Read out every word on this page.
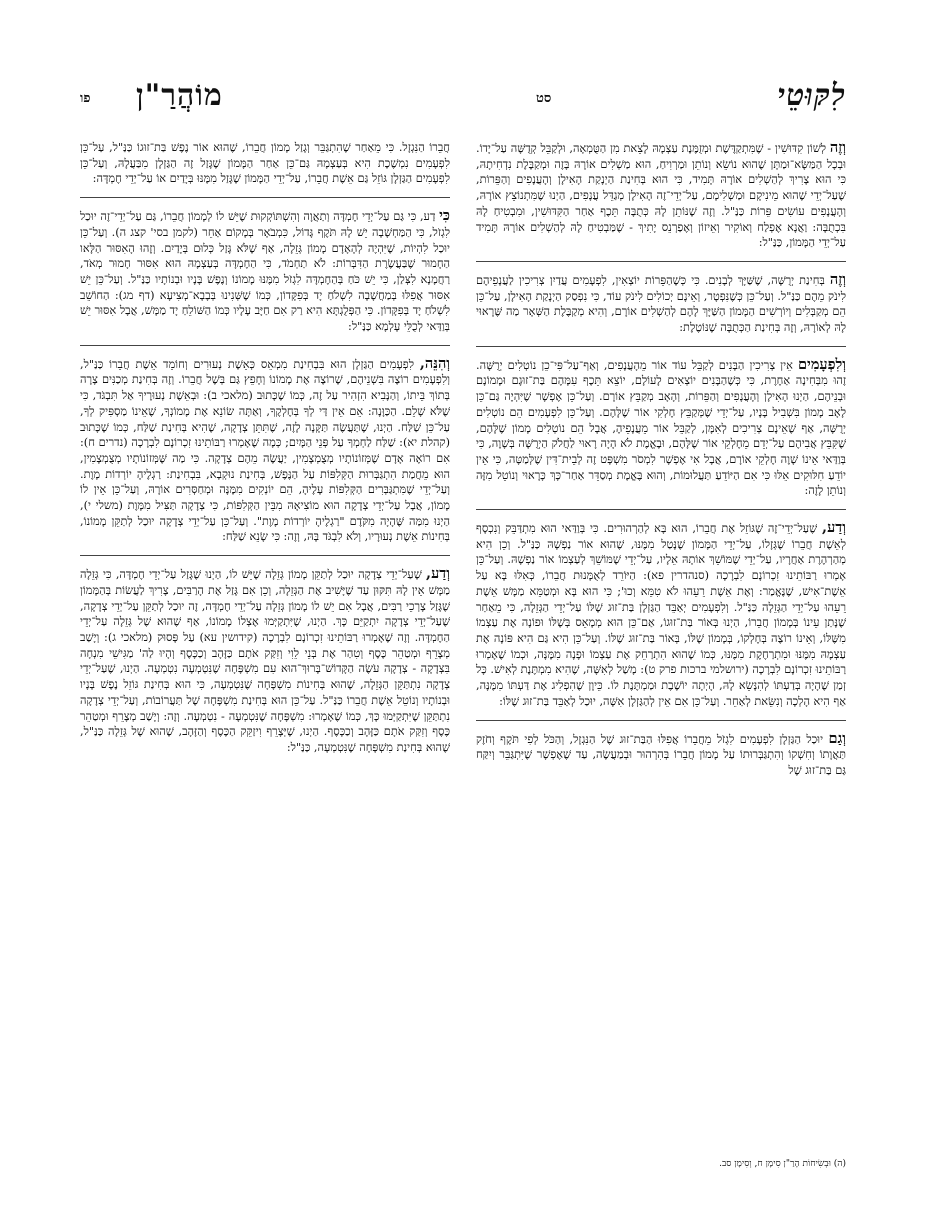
לִקּוּטֵי
סט
מוֹהֲרַ"ן
פו

וְזֶה לְשׁוֹן קִדּוּשִׁין - שֶׁמִּתְקַדֶּשֶׁת וּמְזֻמֶּנֶת עַצְמָהּ לָצֵאת מִן הַטֻּמְאָה, וּלְקַבֵּל קְדֻשָּׁה עַל־יָדוֹ. וּבְכָל הַמַּשָּׂא־וּמַתָּן שֶׁהוּא נוֹשֵׂא וְנוֹתֵן וּמַרְוִיחַ, הוּא מַשְׁלִים אוֹרָהּ בָּזֶה וּמְקַבֶּלֶת נִדְחִיתָהּ, כִּי הוּא צָרִיךְ לְהַשְׁלִים אוֹרָהּ תָּמִיד, כִּי הוּא בְּחִינַת הַיְנָקַת הָאִילָן וְהָעֲנָפִים וְהַפֵּרוֹת, שֶׁעַל־יְדֵי שֶׁהוּא מֵינִיקָם וּמַשְׁלִימָם, עַל־יְדֵי־זֶה הָאִילָן מְגַדֵּל עֲנָפִים, הַיְנוּ שֶׁמִּתְנוֹצֵץ אוֹרָהּ, וְהָעֲנָפִים עוֹשִׂים פֵּרוֹת כַּנַּ"ל. וְזֶה שֶׁנּוֹתֵן לָהּ כְּתֻבָּה תֵּכֶף אַחַר הַקִּדּוּשִׁין, וּמִבְטִיחַ לָהּ בִּכְתֻבָּה: וַאֲנָא אֶפְלַח וְאוֹקִיר וְאֵיזוֹן וְאֶפַרְנֵס יָתִיךְ - שֶׁמַּבְטִיחַ לָהּ לְהַשְׁלִים אוֹרָהּ תָּמִיד עַל־יְדֵי הַמָּמוֹן, כַּנַּ"ל:

וְזֶה בְּחִינַת יְרֻשָּׁה, שֶׁשַּׁיָּךְ לְבָנִים. כִּי כְּשֶׁהַפֵּרוֹת יוֹצְאִין, לִפְעָמִים עֲדַיִן צְרִיכִין לַעֲנָפֵיהֶם לִינֹק מֵהֶם כַּנַּ"ל. וְעַל־כֵּן כְּשֶׁנִּפְטָר, וְאֵינָם יְכוֹלִים לִינֹק עוֹד, כִּי נִפְסַק הַיְנָקַת הָאִילָן, עַל־כֵּן הֵם מְקַבְּלִים וְיוֹרְשִׁים הַמָּמוֹן הַשַּׁיָּךְ לָהֶם לְהַשְׁלִים אוֹרָם, וְהִיא מְקַבֶּלֶת הַשְּׁאָר מַה שֶּׁרָאוּי לָהּ לְאוֹרָהּ, וְזֶה בְּחִינַת הַכְּתֻבָּה שֶׁנּוֹטֶלֶת:

וְלִפְעָמִים אֵין צְרִיכִין הַבָּנִים לְקַבֵּל עוֹד אוֹר מֵהָעֲנָפִים, וְאַף־עַל־פִּי־כֵן נוֹטְלִים יְרֻשָּׁה. זֶהוּ מִבְּחִינָה אַחֶרֶת, כִּי כְּשֶׁהַבָּנִים יוֹצְאִים לָעוֹלָם, יוֹצֵא תֵּכֶף עִמָּהֶם בַּת־זוּגָם וּמָמוֹנָם וּבְנֵיהֶם, הַיְנוּ הָאִילָן וְהָעֲנָפִים וְהַפֵּרוֹת, וְהָאָב מְקַבֵּץ אוֹרָם. וְעַל־כֵּן אֶפְשָׁר שֶׁיִּהְיֶה גַּם־כֵּן לָאָב מָמוֹן בִּשְׁבִיל בָּנָיו, עַל־יְדֵי שֶׁמְּקַבֵּץ חֶלְקִי אוֹר שֶׁלָּהֶם. וְעַל־כֵּן לִפְעָמִים הֵם נוֹטְלִים יְרֻשָּׁה, אַף שֶׁאֵינָם צְרִיכִים לְאִמָּן, לְקַבֵּל אוֹר מֵעֲנָפֵיהֶ, אֲבָל הֵם נוֹטְלִים מָמוֹן שֶׁלָּהֶם, שֶׁקִּבֵּץ אֲבִיהֶם עַל־יְדֵם מֵחֶלְקֵי אוֹר שֶׁלָּהֶם, וּבֶאֱמֶת לֹא הָיָה רָאוּי לַחֲלֹק הַיְרֻשָּׁה בְּשָׁוֶה, כִּי בְּוַדַּאי אֵינוֹ שָׁוֶה חֶלְקֵי אוֹרָם, אֲבָל אִי אֶפְשָׁר לִמְסֹר מִשְׁפָּט זֶה לְבֵית־דִּין שֶׁלְּמַטָּה, כִּי אֵין יוֹדֵעַ חִלּוּקִים אֵלּוּ כִּי אִם הַיּוֹדֵעַ תַּעֲלוּמוֹת, וְהוּא בֶּאֱמֶת מְסַדֵּר אַחַר־כָּךְ כָּרָאוּי וְנוֹטֵל מִזֶּה וְנוֹתֵן לָזֶה:

וְדַע, שֶׁעַל־יְדֵי־זֶה שֶׁגּוֹזֵל אֶת חֲבֵרוֹ, הוּא בָּא לְהַרְהוּרִים. כִּי בְּוַדַּאי הוּא מִתְדַּבֵּק וְנִכְסָף לְאֵשֶׁת חֲבֵרוֹ שֶׁגְּזָלוֹ, עַל־יְדֵי הַמָּמוֹן שֶׁנָּטַל מִמֶּנּוּ, שֶׁהוּא אוֹר נַפְשָׁהּ כַּנַּ"ל. וְכֵן הִיא מְהַרְהֶרֶת אַחֲרָיו, עַל־יְדֵי שֶׁמּוֹשֵׁךְ אוֹתָהּ אֵלָיו, עַל־יְדֵי שֶׁמּוֹשֵׁךְ לְעַצְמוֹ אוֹר נַפְשָׁהּ. וְעַל־כֵּן אָמְרוּ רַבּוֹתֵינוּ זִכְרוֹנָם לִבְרָכָה (סנהדרין פא): הַיּוֹרֵד לְאֻמָּנוּת חֲבֵרוֹ, כְּאִלּוּ בָּא עַל אֵשֶׁת־אִישׁ, שֶׁנֶּאֱמַר: וְאֶת אֵשֶׁת רֵעֵהוּ לֹא טִמֵּא וְכוּ'; כִּי הוּא בָּא וּמְטַמֵּא מַמָּשׁ אֵשֶׁת רֵעֵהוּ עַל־יְדֵי הַגְּזֵלָה כַּנַּ"ל. וְלִפְעָמִים יְאַבֵּד הַגַּזְלָן בַּת־זוּג שֶׁלּוֹ עַל־יְדֵי הַגְּזֵלָה, כִּי מֵאַחַר שֶׁנָּתַן עֵינוֹ בְּמָמוֹן חֲבֵרוֹ, הַיְנוּ בְּאוֹר בַּת־זוּגוֹ, אַם־כֵּן הוּא מְמָאֵס בְּשֶׁלּוֹ וּפוֹנָה אֶת עַצְמוֹ מִשֶּׁלּוֹ, וְאֵינוֹ רוֹצֶה בְּחֶלְקוֹ, בְּמָמוֹן שֶׁלּוֹ, בְּאוֹר בַּת־זוּג שֶׁלּוֹ. וְעַל־כֵּן הִיא גַּם הִיא פּוֹנָה אֶת עַצְמָהּ מִמֶּנּוּ וּמִתְרַחֶקֶת מִמֶּנּוּ, כְּמוֹ שֶׁהוּא הִתְרַחֵק אֶת עַצְמוֹ וּפָנָה מִמֶּנָּה, וּכְמוֹ שֶׁאָמְרוּ רַבּוֹתֵינוּ זִכְרוֹנָם לִבְרָכָה (ירושלמי ברכות פרק ט): מָשַׁל לְאִשָּׁה, שֶׁהִיא מִמְתֶּנֶת לְאִישׁ. כָּל זְמַן שֶׁהָיָה בְּדַעְתּוֹ לְהִנָּשֵׂא לָהּ, הָיְתָה יוֹשֶׁבֶת וּמַמְתֶּנֶת לוֹ. כֵּיוָן שֶׁהִפְלִיג אֶת דַּעְתּוֹ מִמֶּנָּה, אַף הִיא הָלְכָה וְנִשֵּׂאת לְאַחֵר. וְעַל־כֵּן אִם אֵין לְהַגַּזְלָן אִשָּׁה, יוּכַל לְאַבֵּד בַּת־זוּג שֶׁלּוֹ:

וְגַם יוּכַל הַגַּזְלָן לִפְעָמִים לִגְזֹל מֵחֲבֵרוֹ אֲפִלּוּ הַבַּת־זוּג שֶׁל הַנִּגְזָל, וְהַכֹּל לְפִי תֹּקֶף וְחֹזֶק תַּאֲוָתוֹ וְחִשְׁקוֹ וְהִתְגַּבְּרוּתוֹ עַל מָמוֹן חֲבֵרוֹ בְּהִרְהוּר וּבְמַעֲשֶׂה, עַד שֶׁאֶפְשָׁר שֶׁיִּתְגַּבֵּר וְיִקַּח גַּם בַּת־זוּג שֶׁל

חֲבֵרוֹ הַנִּגְזָל. כִּי מֵאַחַר שֶׁהִתְגַּבֵּר וְגָזַל מָמוֹן חֲבֵרוֹ, שֶׁהוּא אוֹר נֶפֶשׁ בַּת־זוּגוֹ כַּנַּ"ל, עַל־כֵּן לִפְעָמִים נִמְשֶׁכֶת הִיא בְּעַצְמָהּ גַּם־כֵּן אַחַר הַמָּמוֹן שֶׁגָּזַל זֶה הַגַּזְלָן מִבַּעֲלָהּ, וְעַל־כֵּן לִפְעָמִים הַגַּזְלָן גּוֹזֵל גַּם אֵשֶׁת חֲבֵרוֹ, עַל־יְדֵי הַמָּמוֹן שֶׁגָּזַל מִמֶּנּוּ בְּיָדַיִם אוֹ עַל־יְדֵי חֶמְדָּה:

כִּי דַע, כִּי גַּם עַל־יְדֵי חֶמְדָּה וְתַאֲוָה וְהִשְׁתּוֹקְקוּת שֶׁיֵּשׁ לוֹ לְמָמוֹן חֲבֵרוֹ, גַּם עַל־יְדֵי־זֶה יוּכַל לִגְזֹל, כִּי הַמַּחְשָׁבָה יֵשׁ לָהּ תֹּקֶף גָּדוֹל, כִּמְבֹאָר בְּמָקוֹם אַחֵר (לקמן בסי' קצג ה). וְעַל־כֵּן יוּכַל לִהְיוֹת, שֶׁיִּהְיֶה לְהָאָדָם מָמוֹן גְּזֵלָה, אַף שֶׁלֹּא גָּזַל כְּלוּם בְּיָדַיִם. וְזֶהוּ הָאִסּוּר הַלָּאו הַחָמוּר שֶׁבַּעֲשֶׂרֶת הַדִּבְּרוֹת: לֹא תַחְמֹד, כִּי הַחֶמְדָּה בְּעַצְמָהּ הוּא אִסּוּר חָמוּר מְאֹד, רַחֲמָנָא לִצְּלַן, כִּי יֵשׁ כֹּחַ בְּהַחֶמְדָּה לִגְזֹל מִמֶּנּוּ מָמוֹנוֹ וְנֶפֶשׁ בָּנָיו וּבְנוֹתָיו כַּנַּ"ל. וְעַל־כֵּן יֵשׁ אִסּוּר אֲפִלּוּ בְּמַחֲשָׁבָה לִשְׁלֹחַ יָד בְּפִקָּדוֹן, כְּמוֹ שֶׁשְּׁנִינוּ בְּבָבָא־מְצִיעָא (דף מג): הַחוֹשֵׁב לִשְׁלֹחַ יָד בְּפִקָּדוֹן. כִּי הַפְּלֻגְתָּא הִיא רַק אִם חַיָּב עָלָיו כְּמוֹ הַשּׁוֹלֵחַ יָד מַמָּשׁ, אֲבָל אִסּוּר יֵשׁ בְּוַדַּאי לְכֻלֵּי עָלְמָא כַּנַּ"ל:

וְהִנֵּה, לִפְעָמִים הַגַּזְלָן הוּא בִּבְחִינַת מִמְאֵס כְּאֵשֶׁת נְעוּרִים וְחוֹמֵד אֵשֶׁת חֲבֵרוֹ כַּנַּ"ל, וְלִפְעָמִים רוֹצֶה בִּשְׁנֵיהֶם, שֶׁרוֹצֶה אֶת מָמוֹנוֹ וְחָפֵץ גַּם בְּשֶׁל חֲבֵרוֹ. וְזֶה בְּחִינַת מְכַנִּים צָרָה בְּתוֹךְ בֵּיתוֹ, וְהַנָּבִיא הִזְהִיר עַל זֶה, כְּמוֹ שֶׁכָּתוּב (מלאכי ב): וּבְאֵשֶׁת נְעוּרֶיךָ אַל תִּבְגֹּד, כִּי שֶׁלֹּא שָׁלֵם. הַכַּוָּנָה: אֵם אֵין דַּי לְךָ בְּחֶלְקֶךָ, וְאַתָּה שׂוֹנֵא אֶת מָמוֹנְךָ, שֶׁאֵינוֹ מַסְפִּיק לְךָ, עַל־כֵּן שַׁלַּח. הַיְנוּ, שֶׁתַּעֲשֶׂה תַּקָּנָה לָזֶה, שֶׁתִּתֵּן צְדָקָה, שֶׁהִיא בְּחִינַת שַׁלַּח, כְּמוֹ שֶׁכָּתוּב (קהלת יא): שַׁלַּח לַחְמְךָ עַל פְּנֵי הַמָּיִם; כְּמָה שֶׁאָמְרוּ רַבּוֹתֵינוּ זִכְרוֹנָם לִבְרָכָה (נדרים ח): אִם רוֹאֶה אָדָם שֶׁמְּזוֹנוֹתָיו מְצֻמְצָמִין, יַעֲשֶׂה מֵהֶם צְדָקָה. כִּי מַה שֶּׁמְּזוֹנוֹתָיו מְצֻמְצָמִין, הוּא מֵחֲמַת הִתְגַּבְּרוּת הַקְּלִפּוֹת עַל הַנֶּפֶשׁ, בְּחִינַת נוּקְבָא, בִּבְחִינַת: רַגְלֶיהָ יוֹרְדוֹת מָוֶת. וְעַל־יְדֵי שֶׁמִּתְגַּבְּרִים הַקְּלִפּוֹת עָלֶיהָ, הֵם יוֹנְקִים מִמֶּנָּה וּמְחַסְּרִים אוֹרָהּ, וְעַל־כֵּן אֵין לוֹ מָמוֹן, אֲבָל עַל־יְדֵי צְדָקָה הוּא מוֹצִיאָהּ מִבֵּין הַקְּלִפּוֹת, כִּי צְדָקָה תַּצִּיל מִמָּוֶת (משלי י), הַיְנוּ מִמַּה שֶּׁהָיָה מִקֹּדֶם "רַגְלֶיהָ יוֹרְדוֹת מָוֶת". וְעַל־כֵּן עַל־יְדֵי צְדָקָה יוּכַל לְתַקֵּן מָמוֹנוֹ, בְּחִינוֹת אֵשֶׁת נְעוּרָיו, וְלֹא לִבְגֹּד בָּהּ, וְזֶה: כִּי שָׂנֵא שַׁלַּח:

וְדַע, שֶׁעַל־יְדֵי צְדָקָה יוּכַל לְתַקֵּן מָמוֹן גְּזֵלָה שֶׁיֵּשׁ לוֹ, הַיְנוּ שֶׁגָּזַל עַל־יְדֵי חֶמְדָּה, כִּי גְּזֵלָה מַמָּשׁ אֵין לָהּ תִּקּוּן עַד שֶׁיָּשִׁיב אֶת הַגְּזֵלָה, וְכֵן אִם גָּזַל אֶת הָרַבִּים, צָרִיךְ לַעֲשׂוֹת בְּהַמָּמוֹן שֶׁגָּזַל צָרְכֵי רַבִּים, אֲבָל אִם יֵשׁ לוֹ מָמוֹן גְּזֵלָה עַל־יְדֵי חֶמְדָּה, זֶה יוּכַל לְתַקֵּן עַל־יְדֵי צְדָקָה, שֶׁעַל־יְדֵי צְדָקָה יִתְקַיֵּם כָּךְ. הַיְנוּ, שֶׁיִּתְקַיְּמוּ אֶצְלוֹ מָמוֹנוֹ, אַף שֶׁהוּא שֶׁל גְּזֵלָה עַל־יְדֵי הַחֶמְדָּה. וְזֶה שֶׁאָמְרוּ רַבּוֹתֵינוּ זִכְרוֹנָם לִבְרָכָה (קידושין עא) עַל פָּסוּק (מלאכי ג): וְיָשַׁב מְצָרֵף וּמְטַהֵר כֶּסֶף וְטִהַר אֶת בְּנֵי לֵוִי וְזִקַּק אֹתָם כַּזָּהָב וְכַכָּסֶף וְהָיוּ לַה' מַגִּישֵׁי מִנְחָה בִּצְדָקָה - צְדָקָה עֹשֶׂה הַקָּדוֹשׁ־בָּרוּךְ־הוּא עִם מִשְׁפָּחָה שֶׁנִּטְמְעָה נִטְמְעָה. הַיְנוּ, שֶׁעַל־יְדֵי צְדָקָה נִתְתַּקֵּן הַגְּזֵלָה, שֶׁהוּא בְּחִינוֹת מִשְׁפָּחָה שֶׁנִּטְמְעָה, כִּי הוּא בְּחִינַת גּוֹזֵל נֶפֶשׁ בָּנָיו וּבְנוֹתָיו וְנוֹטֵל אֵשֶׁת חֲבֵרוֹ כַּנַּ"ל. עַל־כֵּן הוּא בְּחִינַת מִשְׁפָּחָה שֶׁל תַּעֲרוֹבוֹת, וְעַל־יְדֵי צְדָקָה נִתְתַּקֵּן שֶׁיִּתְקַיְּמוּ כָּךְ, כְּמוֹ שֶׁאָמְרוּ: מִשְׁפָּחָה שֶׁנִּטְמְעָה - נִטְמְעָה. וְזֶה: וְיָשַׁב מְצָרֵף וּמְטַהֵר כֶּסֶף וְזִקַּק אֹתָם כַּזָּהָב וְכַכָּסֶף. הַיְנוּ, שֶׁיְּצָרֵף וִיזַקֵּק הַכֶּסֶף וְהַזָּהָב, שֶׁהוּא שֶׁל גְּזֵלָה כַּנַּ"ל, שֶׁהוּא בְּחִינַת מִשְׁפָּחָה שֶׁנִּטְמְעָה, כַּנַּ"ל:

(ה) וּבְשִׂיחוֹת הָרַ"ן סִימָן ח, וְסִימָן סב.
